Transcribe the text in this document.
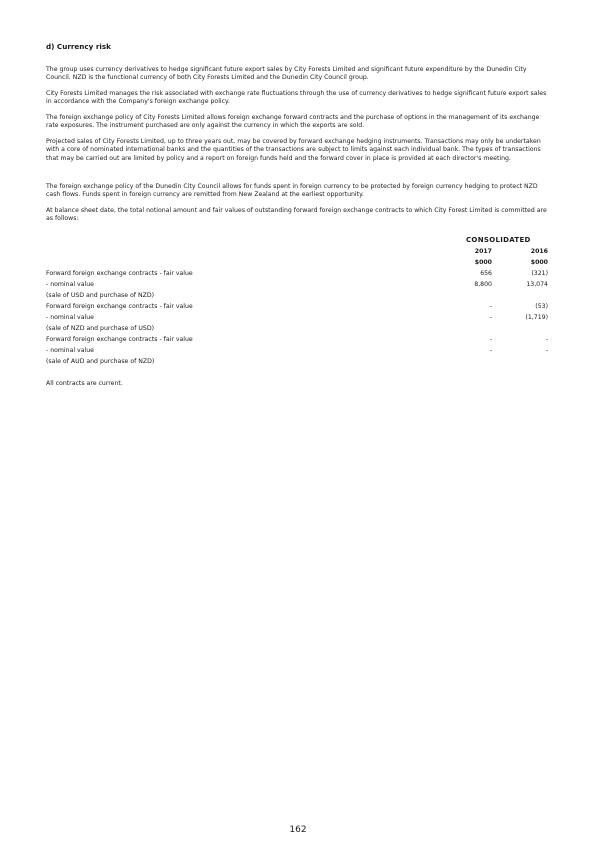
d) Currency risk
The group uses currency derivatives to hedge significant future export sales by City Forests Limited and significant future expenditure by the Dunedin City Council. NZD is the functional currency of both City Forests Limited and the Dunedin City Council group.
City Forests Limited manages the risk associated with exchange rate fluctuations through the use of currency derivatives to hedge significant future export sales in accordance with the Company's foreign exchange policy.
The foreign exchange policy of City Forests Limited allows foreign exchange forward contracts and the purchase of options in the management of its exchange rate exposures. The instrument purchased are only against the currency in which the exports are sold.
Projected sales of City Forests Limited, up to three years out, may be covered by forward exchange hedging instruments. Transactions may only be undertaken with a core of nominated international banks and the quantities of the transactions are subject to limits against each individual bank. The types of transactions that may be carried out are limited by policy and a report on foreign funds held and the forward cover in place is provided at each director's meeting.
The foreign exchange policy of the Dunedin City Council allows for funds spent in foreign currency to be protected by foreign currency hedging to protect NZD cash flows. Funds spent in foreign currency are remitted from New Zealand at the earliest opportunity.
At balance sheet date, the total notional amount and fair values of outstanding forward foreign exchange contracts to which City Forest Limited is committed are as follows:
CONSOLIDATED
2017	2016
$000	$000
Forward foreign exchange contracts - fair value	656	(321)
- nominal value	8,800	13,074
(sale of USD and purchase of NZD)
Forward foreign exchange contracts - fair value	-	(53)
- nominal value	-	(1,719)
(sale of NZD and purchase of USD)
Forward foreign exchange contracts - fair value	-	-
- nominal value	-	-
(sale of AUD and purchase of NZD)
All contracts are current.
162
